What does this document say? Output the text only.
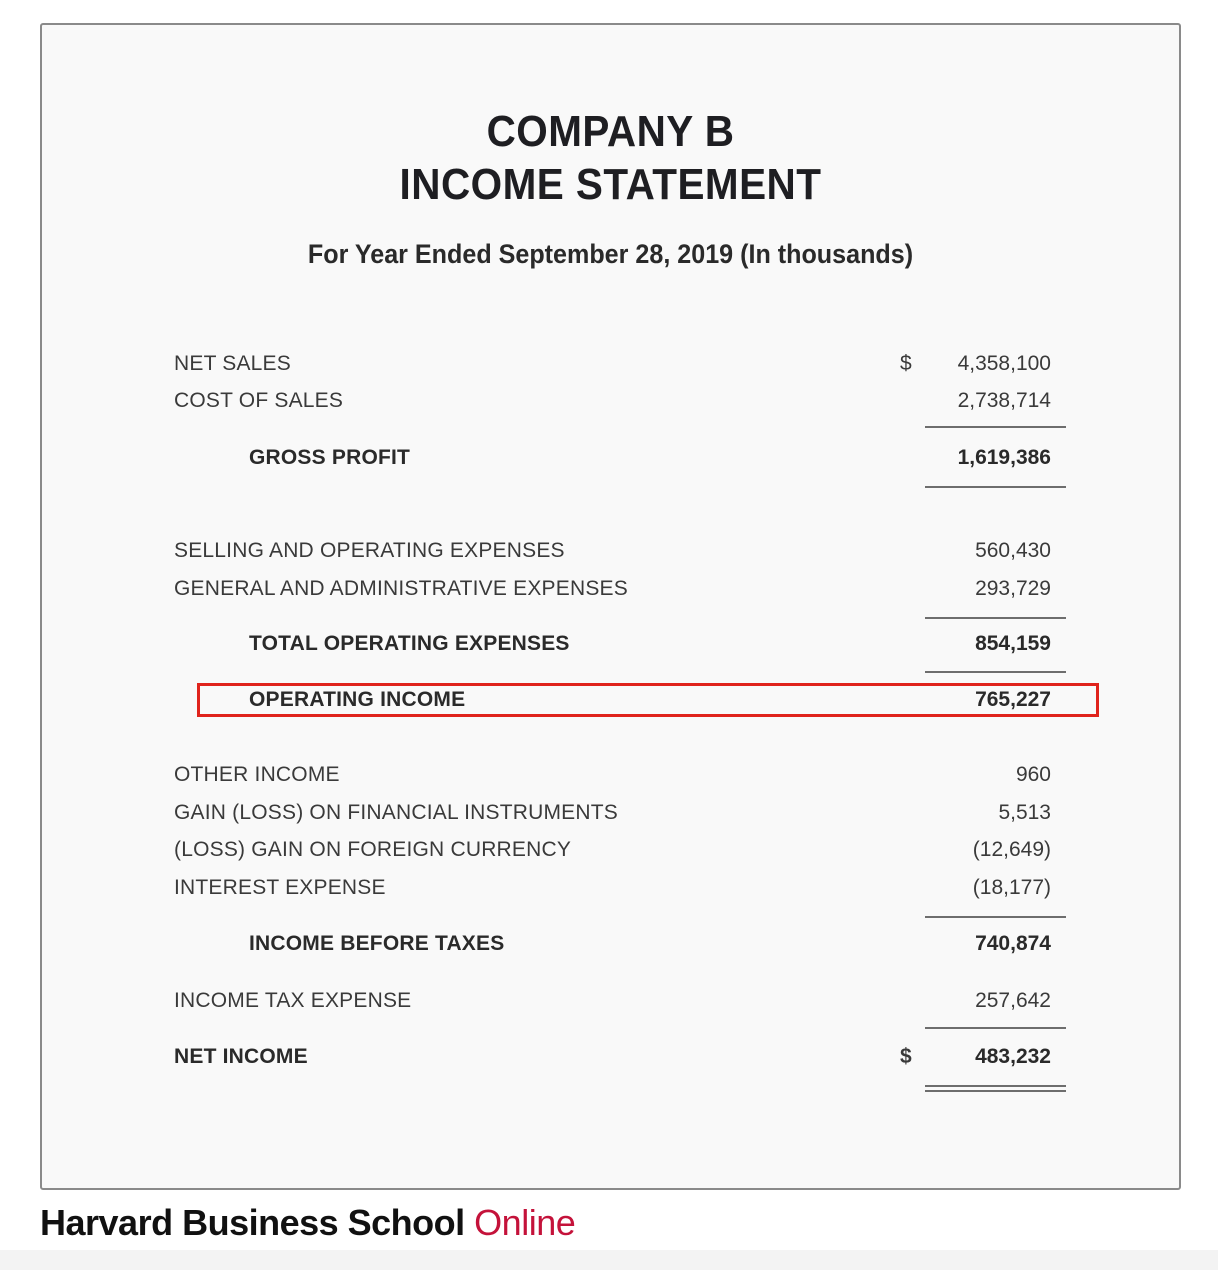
COMPANY B
INCOME STATEMENT
For Year Ended September 28, 2019 (In thousands)
NET SALES	$ 4,358,100
COST OF SALES	2,738,714
GROSS PROFIT	1,619,386
SELLING AND OPERATING EXPENSES	560,430
GENERAL AND ADMINISTRATIVE EXPENSES	293,729
TOTAL OPERATING EXPENSES	854,159
OPERATING INCOME	765,227
OTHER INCOME	960
GAIN (LOSS) ON FINANCIAL INSTRUMENTS	5,513
(LOSS) GAIN ON FOREIGN CURRENCY	(12,649)
INTEREST EXPENSE	(18,177)
INCOME BEFORE TAXES	740,874
INCOME TAX EXPENSE	257,642
NET INCOME	$	483,232
Harvard Business School Online
